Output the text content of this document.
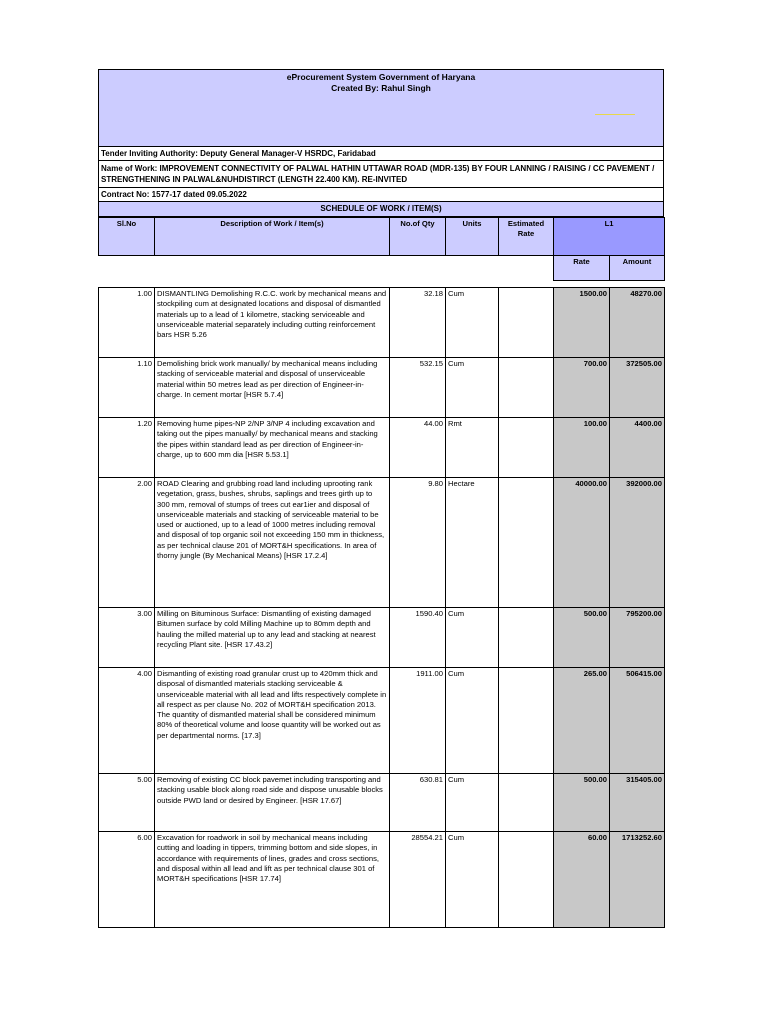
eProcurement System Government of Haryana
Created By: Rahul Singh
Tender Inviting Authority: Deputy General Manager-V HSRDC, Faridabad
Name of Work: IMPROVEMENT CONNECTIVITY OF PALWAL HATHIN UTTAWAR ROAD (MDR-135) BY FOUR LANNING / RAISING / CC PAVEMENT / STRENGTHENING IN PALWAL&NUHDISTIRCT (LENGTH 22.400 KM). RE-INVITED
Contract No: 1577-17 dated 09.05.2022
SCHEDULE OF WORK / ITEM(S)
Sl.No	Description of Work / Item(s)	No.of Qty	Units	Estimated Rate	L1	
					Rate	Amount

1.00	DISMANTLING Demolishing R.C.C. work by mechanical means and stockpiling cum at designated locations and disposal of dismantled materials up to a lead of 1 kilometre, stacking serviceable and unserviceable material separately including cutting reinforcement bars HSR 5.26	32.18	Cum		1500.00	48270.00
1.10	Demolishing brick work manually/ by mechanical means including stacking of serviceable material and disposal of unserviceable material within 50 metres lead as per direction of Engineer-in-charge. In cement mortar [HSR 5.7.4]	532.15	Cum		700.00	372505.00
1.20	Removing hume pipes-NP 2/NP 3/NP 4 including excavation and taking out the pipes manually/ by mechanical means and stacking the pipes within standard lead as per direction of Engineer-in-charge, up to 600 mm dia [HSR 5.53.1]	44.00	Rmt		100.00	4400.00
2.00	ROAD Clearing and grubbing road land including uprooting rank vegetation, grass, bushes, shrubs, saplings and trees girth up to 300 mm, removal of stumps of trees cut ear1ier and disposal of unserviceable materials and stacking of serviceable material to be used or auctioned, up to a lead of 1000 metres including removal and disposal of top organic soil not exceeding 150 mm in thickness, as per technical clause 201 of MORT&H specifications. In area of thorny jungle (By Mechanical Means) [HSR 17.2.4]	9.80	Hectare		40000.00	392000.00
3.00	Milling on Bituminous Surface: Dismantling of existing damaged Bitumen surface by cold Milling Machine up to 80mm depth and hauling the milled material up to any lead and stacking at nearest recycling Plant site. [HSR 17.43.2]	1590.40	Cum		500.00	795200.00
4.00	Dismantling of existing road granular crust up to 420mm thick and disposal of dismantled materials stacking serviceable & unserviceable material with all lead and lifts respectively complete in all respect as per clause No. 202 of MORT&H specification 2013. The quantity of dismantled material shall be considered minimum 80% of theoretical volume and loose quantity will be worked out as per departmental norms. [17.3]	1911.00	Cum		265.00	506415.00
5.00	Removing of existing CC block pavemet including transporting and stacking usable block along road side and dispose unusable blocks outside PWD land or desired by Engineer. [HSR 17.67]	630.81	Cum		500.00	315405.00
6.00	Excavation for roadwork in soil by mechanical means including cutting and loading in tippers, trimming bottom and side slopes, in accordance with requirements of lines, grades and cross sections, and disposal within all lead and lift as per technical clause 301 of MORT&H specifications [HSR 17.74]	28554.21	Cum		60.00	1713252.60
